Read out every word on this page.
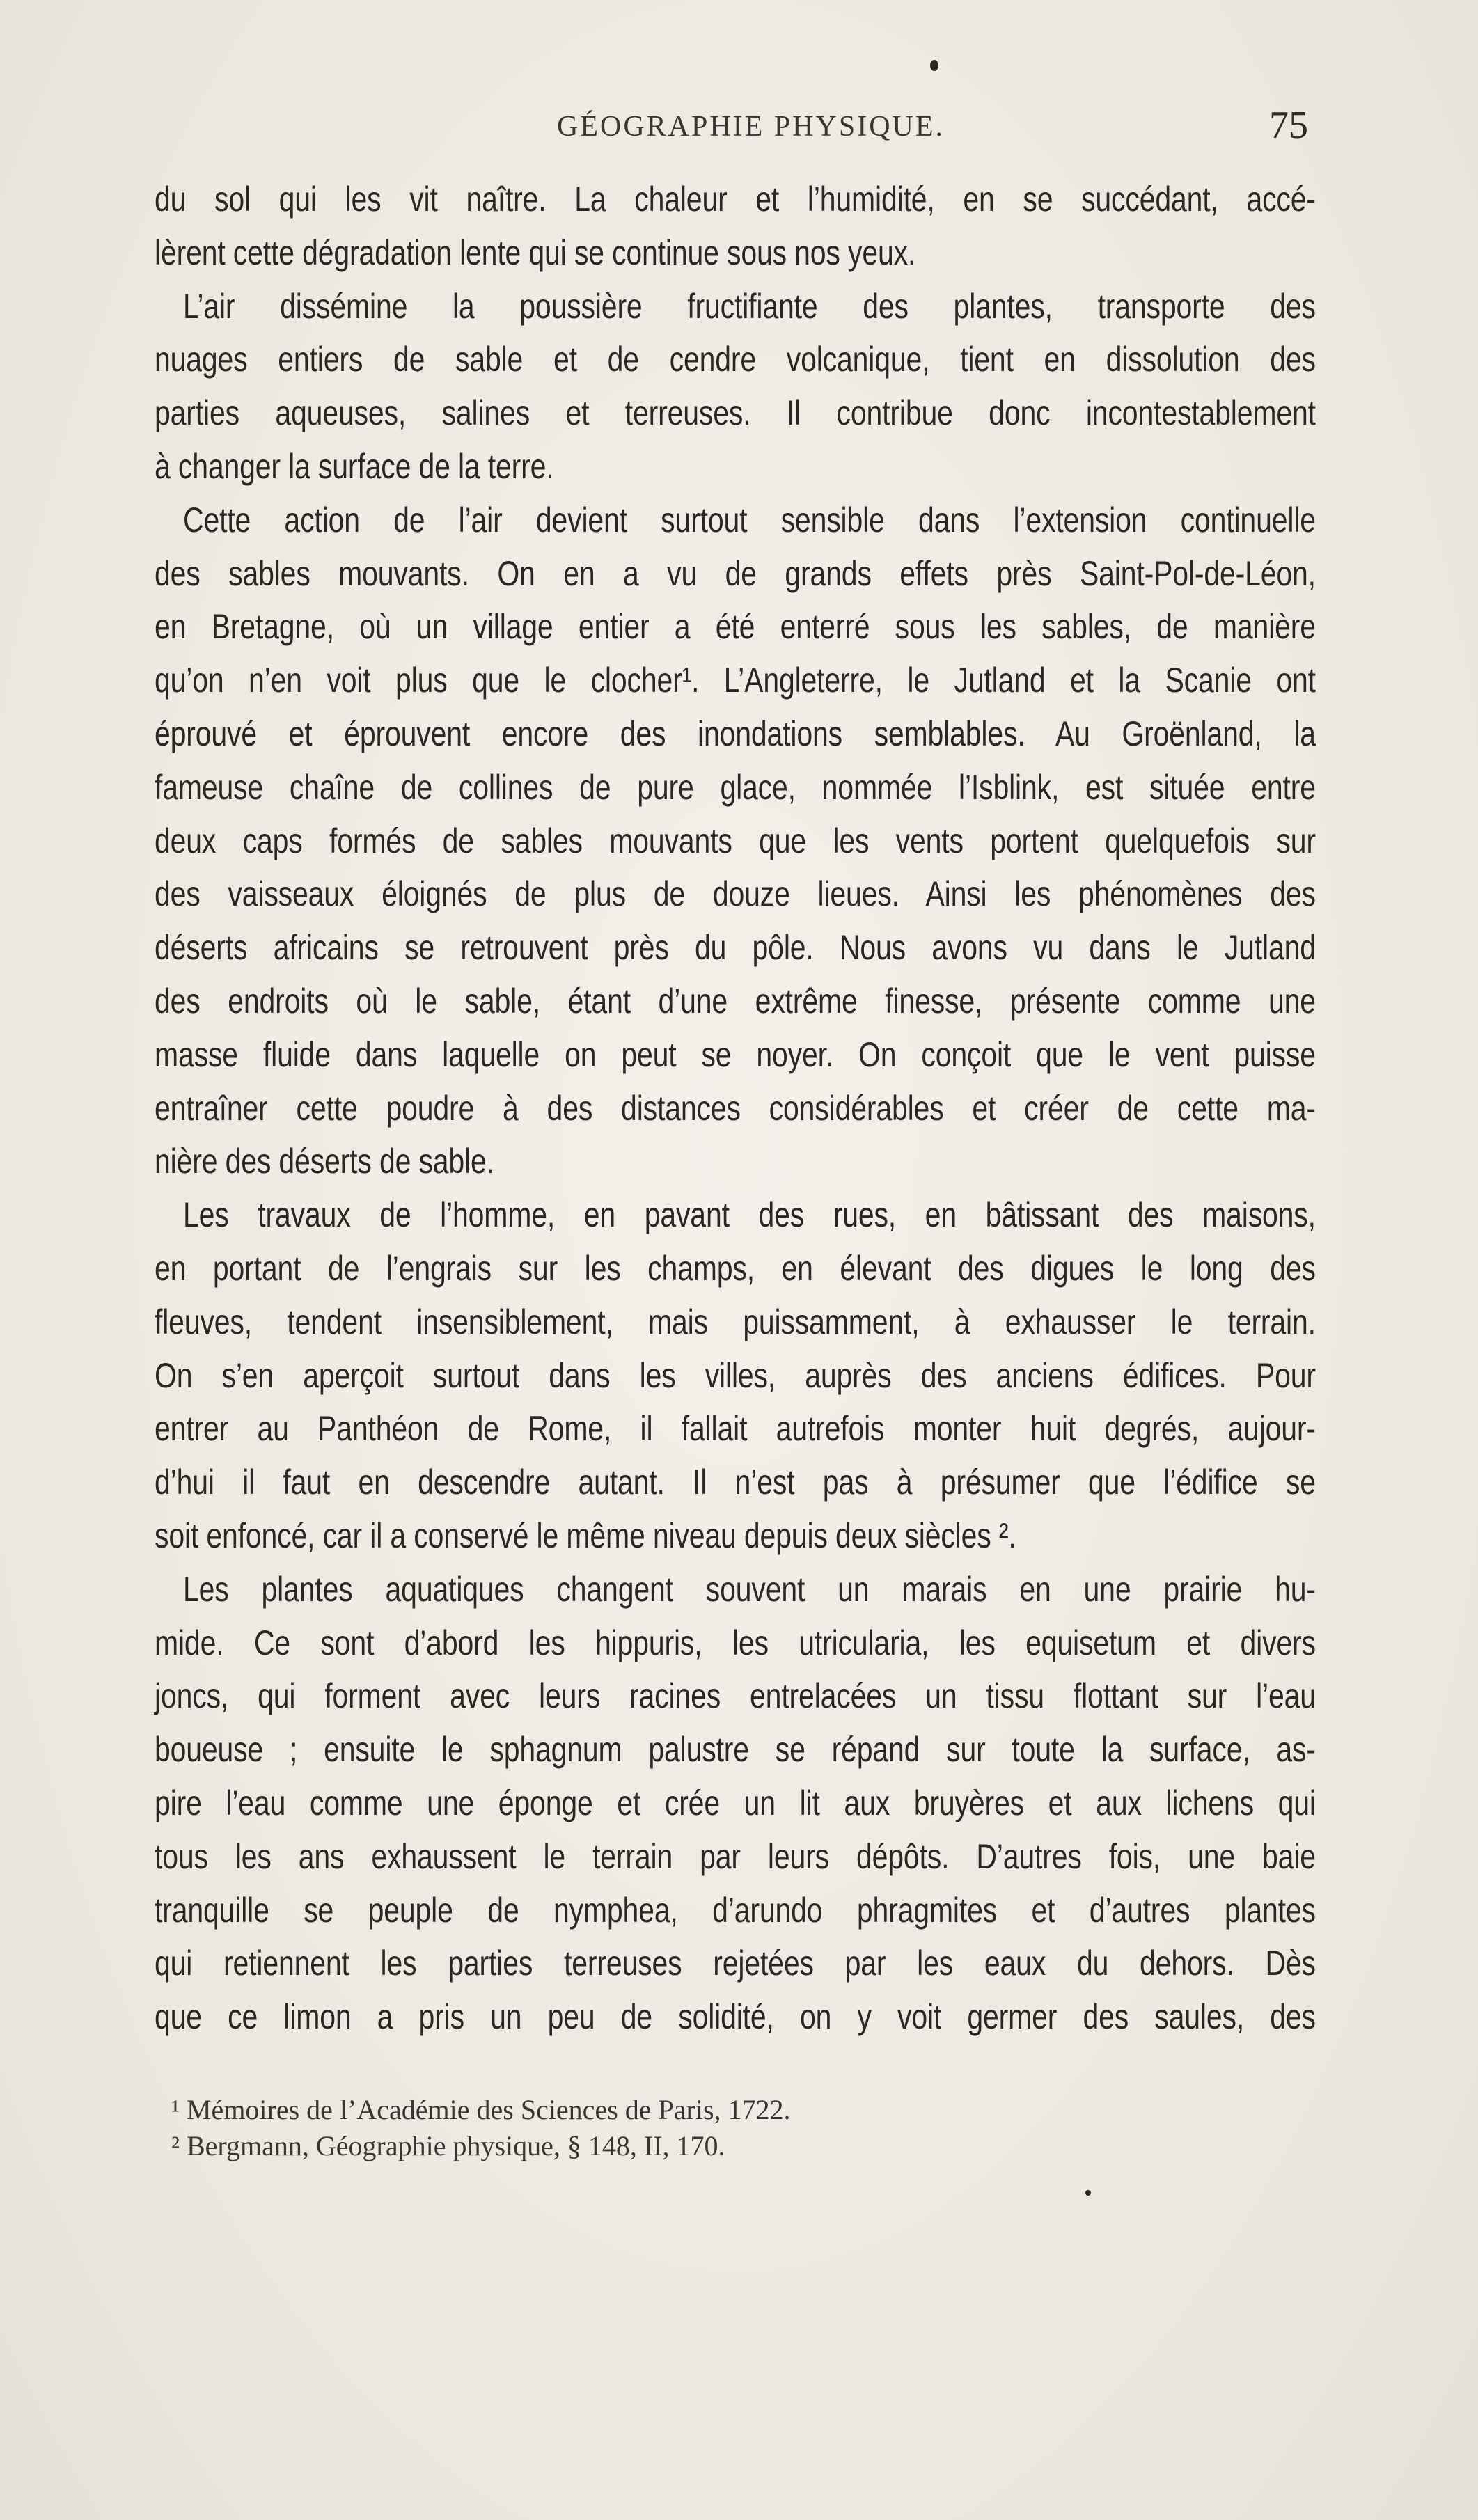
GÉOGRAPHIE PHYSIQUE.	75
du sol qui les vit naître. La chaleur et l’humidité, en se succédant, accé-
lèrent cette dégradation lente qui se continue sous nos yeux.
L’air dissémine la poussière fructifiante des plantes, transporte des
nuages entiers de sable et de cendre volcanique, tient en dissolution des
parties aqueuses, salines et terreuses. Il contribue donc incontestablement
à changer la surface de la terre.
Cette action de l’air devient surtout sensible dans l’extension continuelle
des sables mouvants. On en a vu de grands effets près Saint-Pol-de-Léon,
en Bretagne, où un village entier a été enterré sous les sables, de manière
qu’on n’en voit plus que le clocher¹. L’Angleterre, le Jutland et la Scanie ont
éprouvé et éprouvent encore des inondations semblables. Au Groënland, la
fameuse chaîne de collines de pure glace, nommée l’Isblink, est située entre
deux caps formés de sables mouvants que les vents portent quelquefois sur
des vaisseaux éloignés de plus de douze lieues. Ainsi les phénomènes des
déserts africains se retrouvent près du pôle. Nous avons vu dans le Jutland
des endroits où le sable, étant d’une extrême finesse, présente comme une
masse fluide dans laquelle on peut se noyer. On conçoit que le vent puisse
entraîner cette poudre à des distances considérables et créer de cette ma-
nière des déserts de sable.
Les travaux de l’homme, en pavant des rues, en bâtissant des maisons,
en portant de l’engrais sur les champs, en élevant des digues le long des
fleuves, tendent insensiblement, mais puissamment, à exhausser le terrain.
On s’en aperçoit surtout dans les villes, auprès des anciens édifices. Pour
entrer au Panthéon de Rome, il fallait autrefois monter huit degrés, aujour-
d’hui il faut en descendre autant. Il n’est pas à présumer que l’édifice se
soit enfoncé, car il a conservé le même niveau depuis deux siècles ².
Les plantes aquatiques changent souvent un marais en une prairie hu-
mide. Ce sont d’abord les hippuris, les utricularia, les equisetum et divers
joncs, qui forment avec leurs racines entrelacées un tissu flottant sur l’eau
boueuse ; ensuite le sphagnum palustre se répand sur toute la surface, as-
pire l’eau comme une éponge et crée un lit aux bruyères et aux lichens qui
tous les ans exhaussent le terrain par leurs dépôts. D’autres fois, une baie
tranquille se peuple de nymphea, d’arundo phragmites et d’autres plantes
qui retiennent les parties terreuses rejetées par les eaux du dehors. Dès
que ce limon a pris un peu de solidité, on y voit germer des saules, des
¹ Mémoires de l’Académie des Sciences de Paris, 1722.
² Bergmann, Géographie physique, § 148, II, 170.
